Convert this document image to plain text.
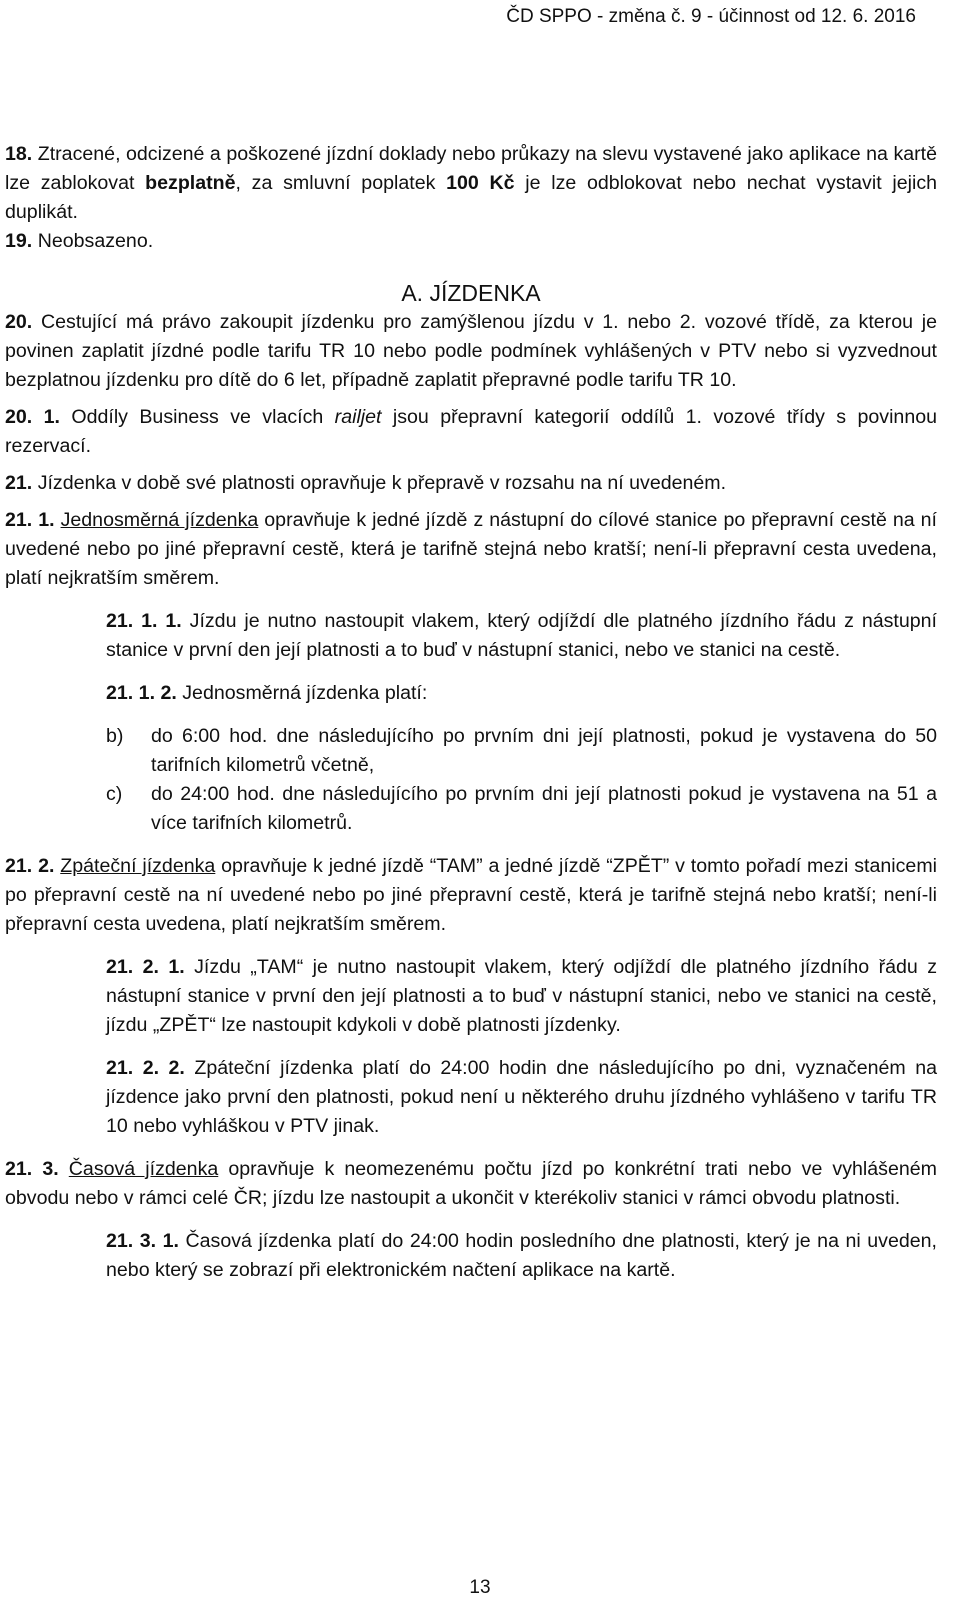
ČD SPPO - změna č. 9 - účinnost od 12. 6. 2016

18. Ztracené, odcizené a poškozené jízdní doklady nebo průkazy na slevu vystavené jako aplikace na kartě lze zablokovat bezplatně, za smluvní poplatek 100 Kč je lze odblokovat nebo nechat vystavit jejich duplikát.

19. Neobsazeno.

A. JÍZDENKA

20. Cestující má právo zakoupit jízdenku pro zamýšlenou jízdu v 1. nebo 2. vozové třídě, za kterou je povinen zaplatit jízdné podle tarifu TR 10 nebo podle podmínek vyhlášených v PTV nebo si vyzvednout bezplatnou jízdenku pro dítě do 6 let, případně zaplatit přepravné podle tarifu TR 10.

20. 1. Oddíly Business ve vlacích railjet jsou přepravní kategorií oddílů 1. vozové třídy s povinnou rezervací.

21. Jízdenka v době své platnosti opravňuje k přepravě v rozsahu na ní uvedeném.

21. 1. Jednosměrná jízdenka opravňuje k jedné jízdě z nástupní do cílové stanice po přepravní cestě na ní uvedené nebo po jiné přepravní cestě, která je tarifně stejná nebo kratší; není-li přepravní cesta uvedena, platí nejkratším směrem.

21. 1. 1. Jízdu je nutno nastoupit vlakem, který odjíždí dle platného jízdního řádu z nástupní stanice v první den její platnosti a to buď v nástupní stanici, nebo ve stanici na cestě.

21. 1. 2. Jednosměrná jízdenka platí:

b)	do 6:00 hod. dne následujícího po prvním dni její platnosti, pokud je vystavena do 50 tarifních kilometrů včetně,
c)	do 24:00 hod. dne následujícího po prvním dni její platnosti pokud je vystavena na 51 a více tarifních kilometrů.

21. 2. Zpáteční jízdenka opravňuje k jedné jízdě “TAM” a jedné jízdě “ZPĚT” v tomto pořadí mezi stanicemi po přepravní cestě na ní uvedené nebo po jiné přepravní cestě, která je tarifně stejná nebo kratší; není-li přepravní cesta uvedena, platí nejkratším směrem.

21. 2. 1. Jízdu „TAM“ je nutno nastoupit vlakem, který odjíždí dle platného jízdního řádu z nástupní stanice v první den její platnosti a to buď v nástupní stanici, nebo ve stanici na cestě, jízdu „ZPĚT“ lze nastoupit kdykoli v době platnosti jízdenky.

21. 2. 2. Zpáteční jízdenka platí do 24:00 hodin dne následujícího po dni, vyznačeném na jízdence jako první den platnosti, pokud není u některého druhu jízdného vyhlášeno v tarifu TR 10 nebo vyhláškou v PTV jinak.

21. 3. Časová jízdenka opravňuje k neomezenému počtu jízd po konkrétní trati nebo ve vyhlášeném obvodu nebo v rámci celé ČR; jízdu lze nastoupit a ukončit v kterékoliv stanici v rámci obvodu platnosti.

21. 3. 1. Časová jízdenka platí do 24:00 hodin posledního dne platnosti, který je na ni uveden, nebo který se zobrazí při elektronickém načtení aplikace na kartě.

13
